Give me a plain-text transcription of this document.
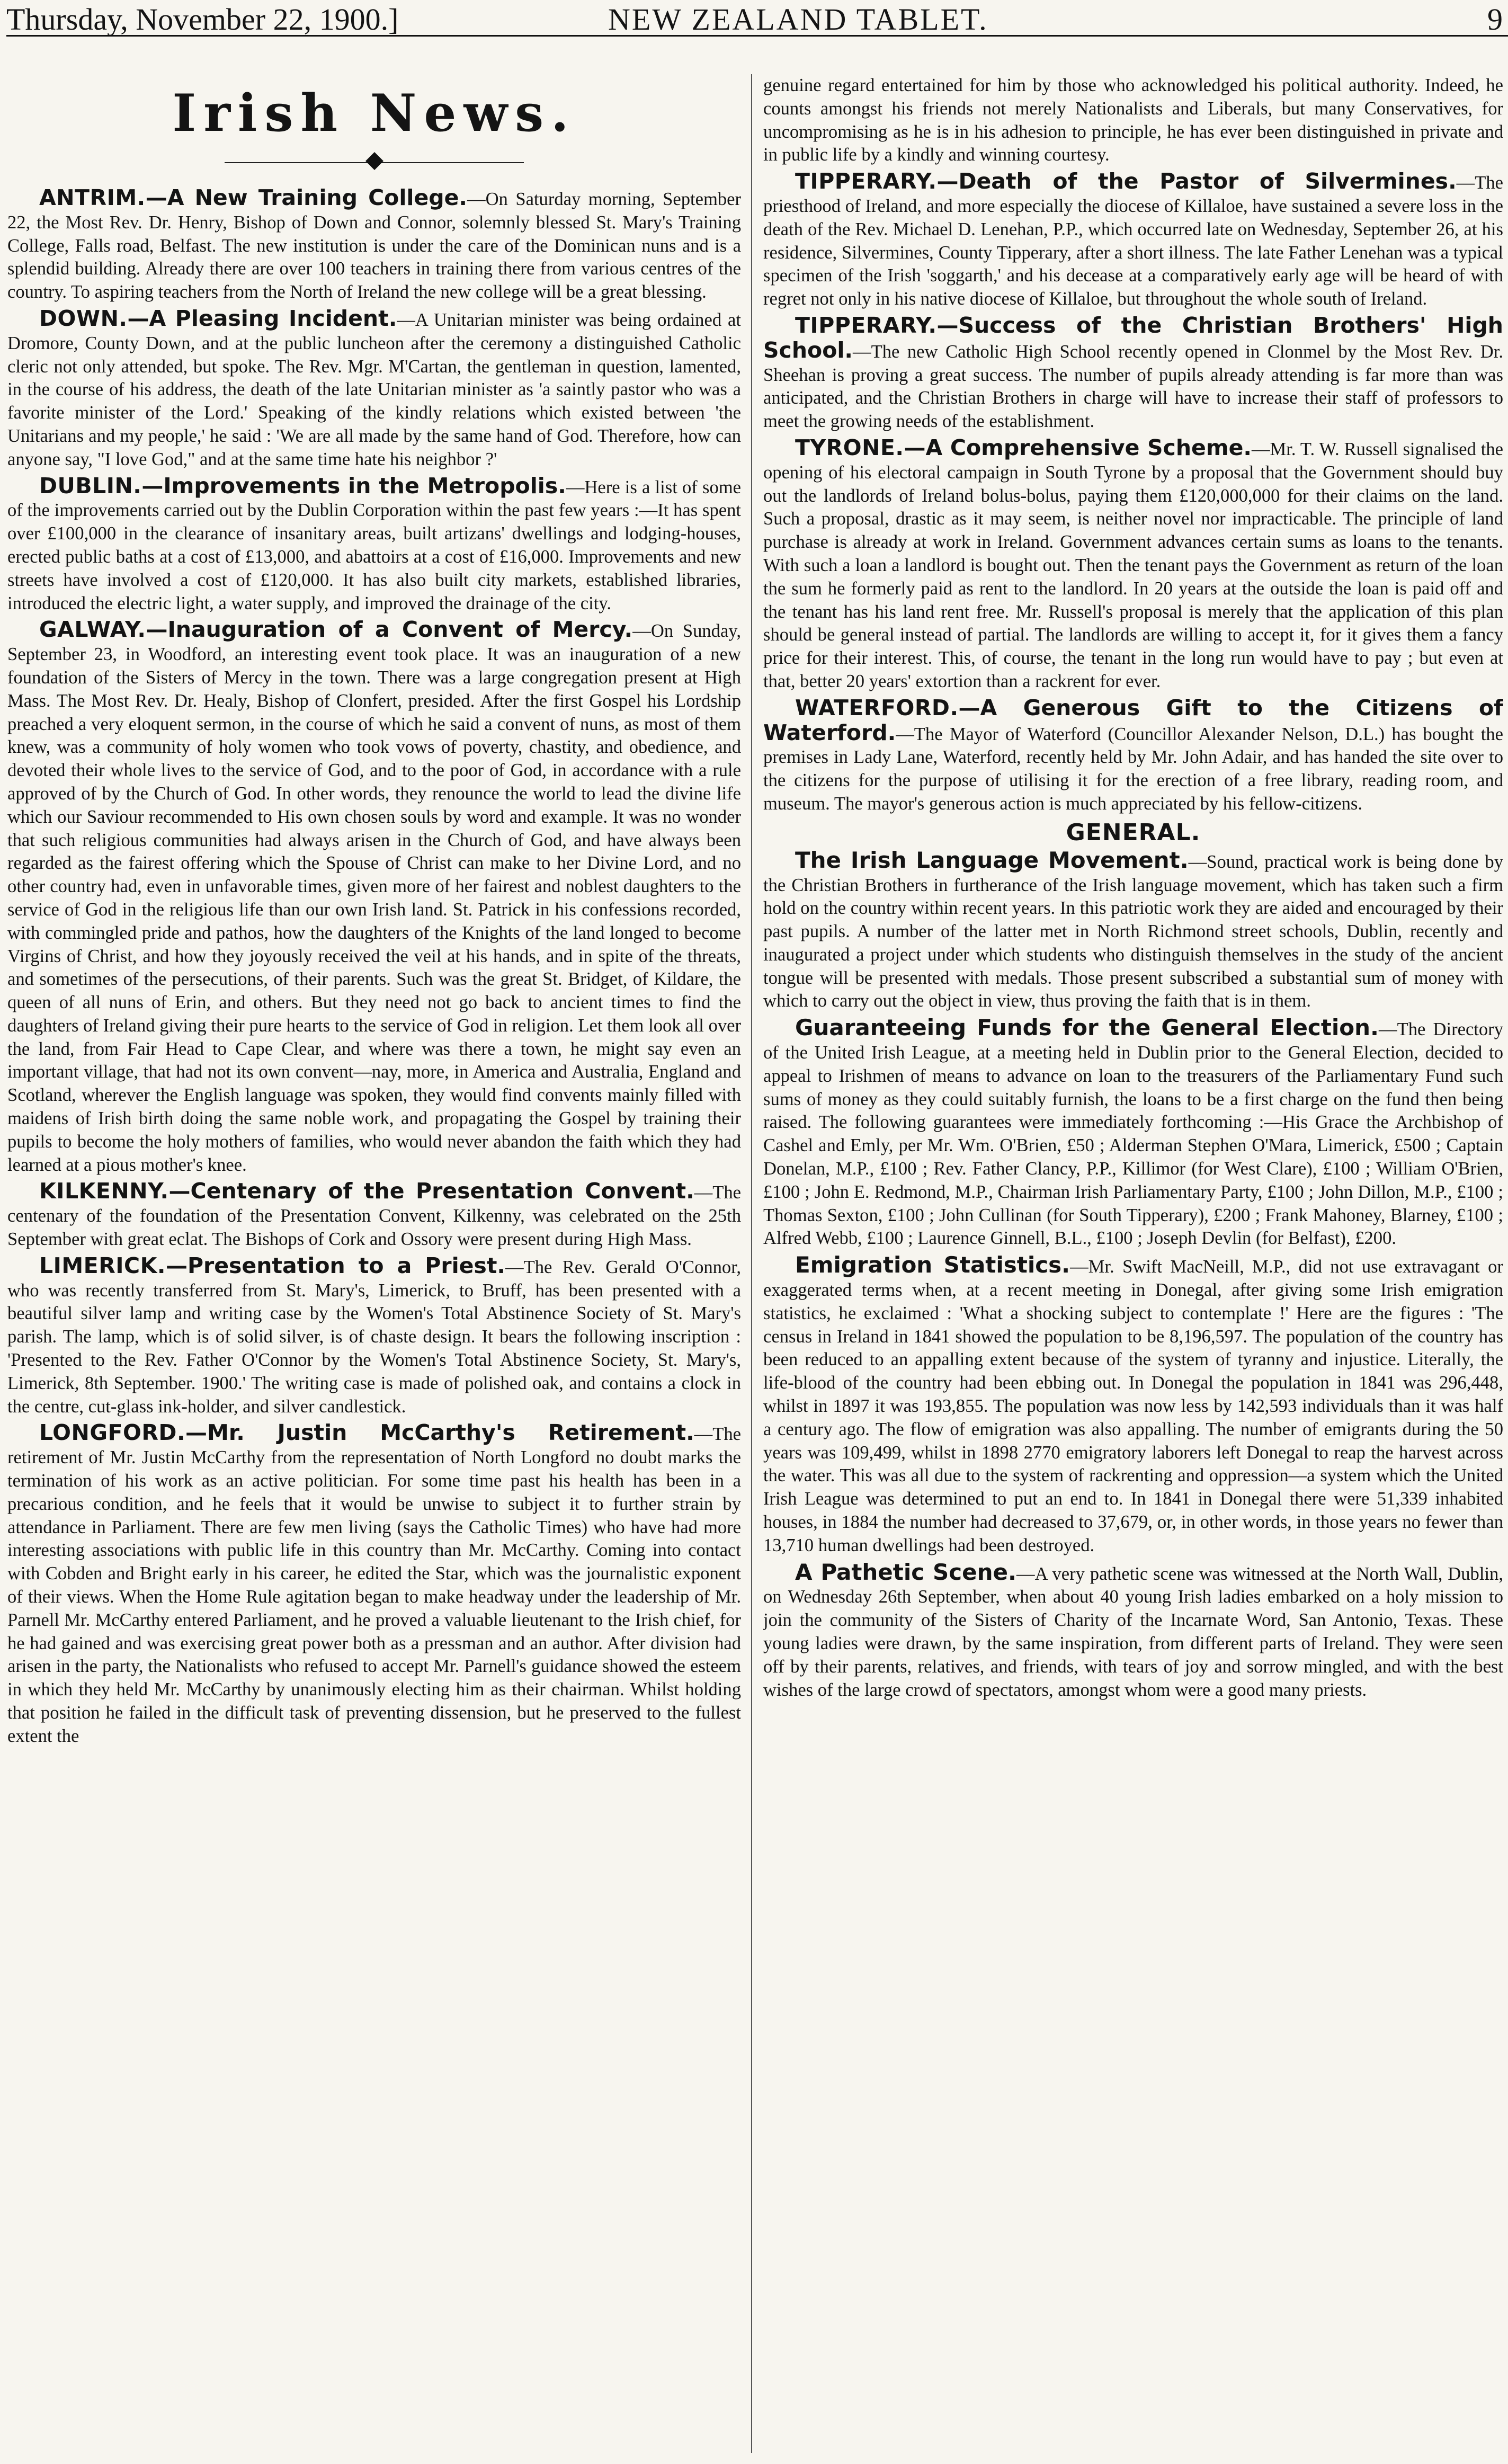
Thursday, November 22, 1900.]	NEW ZEALAND TABLET.	9
Irish News.

ANTRIM.—A New Training College.—On Saturday morning, September 22, the Most Rev. Dr. Henry, Bishop of Down and Connor, solemnly blessed St. Mary's Training College, Falls road, Belfast. The new institution is under the care of the Dominican nuns and is a splendid building. Already there are over 100 teachers in training there from various centres of the country. To aspiring teachers from the North of Ireland the new college will be a great blessing.

DOWN.—A Pleasing Incident.—A Unitarian minister was being ordained at Dromore, County Down, and at the public luncheon after the ceremony a distinguished Catholic cleric not only attended, but spoke. The Rev. Mgr. M'Cartan, the gentleman in question, lamented, in the course of his address, the death of the late Unitarian minister as 'a saintly pastor who was a favorite minister of the Lord.' Speaking of the kindly relations which existed between 'the Unitarians and my people,' he said : 'We are all made by the same hand of God. Therefore, how can anyone say, "I love God," and at the same time hate his neighbor ?'

DUBLIN.—Improvements in the Metropolis.—Here is a list of some of the improvements carried out by the Dublin Corporation within the past few years :—It has spent over £100,000 in the clearance of insanitary areas, built artizans' dwellings and lodging-houses, erected public baths at a cost of £13,000, and abattoirs at a cost of £16,000. Improvements and new streets have involved a cost of £120,000. It has also built city markets, established libraries, introduced the electric light, a water supply, and improved the drainage of the city.

GALWAY.—Inauguration of a Convent of Mercy.—On Sunday, September 23, in Woodford, an interesting event took place. It was an inauguration of a new foundation of the Sisters of Mercy in the town. There was a large congregation present at High Mass. The Most Rev. Dr. Healy, Bishop of Clonfert, presided. After the first Gospel his Lordship preached a very eloquent sermon, in the course of which he said a convent of nuns, as most of them knew, was a community of holy women who took vows of poverty, chastity, and obedience, and devoted their whole lives to the service of God, and to the poor of God, in accordance with a rule approved of by the Church of God. In other words, they renounce the world to lead the divine life which our Saviour recommended to His own chosen souls by word and example. It was no wonder that such religious communities had always arisen in the Church of God, and have always been regarded as the fairest offering which the Spouse of Christ can make to her Divine Lord, and no other country had, even in unfavorable times, given more of her fairest and noblest daughters to the service of God in the religious life than our own Irish land. St. Patrick in his confessions recorded, with commingled pride and pathos, how the daughters of the Knights of the land longed to become Virgins of Christ, and how they joyously received the veil at his hands, and in spite of the threats, and sometimes of the persecutions, of their parents. Such was the great St. Bridget, of Kildare, the queen of all nuns of Erin, and others. But they need not go back to ancient times to find the daughters of Ireland giving their pure hearts to the service of God in religion. Let them look all over the land, from Fair Head to Cape Clear, and where was there a town, he might say even an important village, that had not its own convent—nay, more, in America and Australia, England and Scotland, wherever the English language was spoken, they would find convents mainly filled with maidens of Irish birth doing the same noble work, and propagating the Gospel by training their pupils to become the holy mothers of families, who would never abandon the faith which they had learned at a pious mother's knee.

KILKENNY.—Centenary of the Presentation Convent.—The centenary of the foundation of the Presentation Convent, Kilkenny, was celebrated on the 25th September with great eclat. The Bishops of Cork and Ossory were present during High Mass.

LIMERICK.—Presentation to a Priest.—The Rev. Gerald O'Connor, who was recently transferred from St. Mary's, Limerick, to Bruff, has been presented with a beautiful silver lamp and writing case by the Women's Total Abstinence Society of St. Mary's parish. The lamp, which is of solid silver, is of chaste design. It bears the following inscription : 'Presented to the Rev. Father O'Connor by the Women's Total Abstinence Society, St. Mary's, Limerick, 8th September. 1900.' The writing case is made of polished oak, and contains a clock in the centre, cut-glass ink-holder, and silver candlestick.

LONGFORD.—Mr. Justin McCarthy's Retirement.—The retirement of Mr. Justin McCarthy from the representation of North Longford no doubt marks the termination of his work as an active politician. For some time past his health has been in a precarious condition, and he feels that it would be unwise to subject it to further strain by attendance in Parliament. There are few men living (says the Catholic Times) who have had more interesting associations with public life in this country than Mr. McCarthy. Coming into contact with Cobden and Bright early in his career, he edited the Star, which was the journalistic exponent of their views. When the Home Rule agitation began to make headway under the leadership of Mr. Parnell Mr. McCarthy entered Parliament, and he proved a valuable lieutenant to the Irish chief, for he had gained and was exercising great power both as a pressman and an author. After division had arisen in the party, the Nationalists who refused to accept Mr. Parnell's guidance showed the esteem in which they held Mr. McCarthy by unanimously electing him as their chairman. Whilst holding that position he failed in the difficult task of preventing dissension, but he preserved to the fullest extent the

genuine regard entertained for him by those who acknowledged his political authority. Indeed, he counts amongst his friends not merely Nationalists and Liberals, but many Conservatives, for uncompromising as he is in his adhesion to principle, he has ever been distinguished in private and in public life by a kindly and winning courtesy.

TIPPERARY.—Death of the Pastor of Silvermines.—The priesthood of Ireland, and more especially the diocese of Killaloe, have sustained a severe loss in the death of the Rev. Michael D. Lenehan, P.P., which occurred late on Wednesday, September 26, at his residence, Silvermines, County Tipperary, after a short illness. The late Father Lenehan was a typical specimen of the Irish 'soggarth,' and his decease at a comparatively early age will be heard of with regret not only in his native diocese of Killaloe, but throughout the whole south of Ireland.

TIPPERARY.—Success of the Christian Brothers' High School.—The new Catholic High School recently opened in Clonmel by the Most Rev. Dr. Sheehan is proving a great success. The number of pupils already attending is far more than was anticipated, and the Christian Brothers in charge will have to increase their staff of professors to meet the growing needs of the establishment.

TYRONE.—A Comprehensive Scheme.—Mr. T. W. Russell signalised the opening of his electoral campaign in South Tyrone by a proposal that the Government should buy out the landlords of Ireland bolus-bolus, paying them £120,000,000 for their claims on the land. Such a proposal, drastic as it may seem, is neither novel nor impracticable. The principle of land purchase is already at work in Ireland. Government advances certain sums as loans to the tenants. With such a loan a landlord is bought out. Then the tenant pays the Government as return of the loan the sum he formerly paid as rent to the landlord. In 20 years at the outside the loan is paid off and the tenant has his land rent free. Mr. Russell's proposal is merely that the application of this plan should be general instead of partial. The landlords are willing to accept it, for it gives them a fancy price for their interest. This, of course, the tenant in the long run would have to pay ; but even at that, better 20 years' extortion than a rackrent for ever.

WATERFORD.—A Generous Gift to the Citizens of Waterford.—The Mayor of Waterford (Councillor Alexander Nelson, D.L.) has bought the premises in Lady Lane, Waterford, recently held by Mr. John Adair, and has handed the site over to the citizens for the purpose of utilising it for the erection of a free library, reading room, and museum. The mayor's generous action is much appreciated by his fellow-citizens.

GENERAL.

The Irish Language Movement.—Sound, practical work is being done by the Christian Brothers in furtherance of the Irish language movement, which has taken such a firm hold on the country within recent years. In this patriotic work they are aided and encouraged by their past pupils. A number of the latter met in North Richmond street schools, Dublin, recently and inaugurated a project under which students who distinguish themselves in the study of the ancient tongue will be presented with medals. Those present subscribed a substantial sum of money with which to carry out the object in view, thus proving the faith that is in them.

Guaranteeing Funds for the General Election.—The Directory of the United Irish League, at a meeting held in Dublin prior to the General Election, decided to appeal to Irishmen of means to advance on loan to the treasurers of the Parliamentary Fund such sums of money as they could suitably furnish, the loans to be a first charge on the fund then being raised. The following guarantees were immediately forthcoming :—His Grace the Archbishop of Cashel and Emly, per Mr. Wm. O'Brien, £50 ; Alderman Stephen O'Mara, Limerick, £500 ; Captain Donelan, M.P., £100 ; Rev. Father Clancy, P.P., Killimor (for West Clare), £100 ; William O'Brien, £100 ; John E. Redmond, M.P., Chairman Irish Parliamentary Party, £100 ; John Dillon, M.P., £100 ; Thomas Sexton, £100 ; John Cullinan (for South Tipperary), £200 ; Frank Mahoney, Blarney, £100 ; Alfred Webb, £100 ; Laurence Ginnell, B.L., £100 ; Joseph Devlin (for Belfast), £200.

Emigration Statistics.—Mr. Swift MacNeill, M.P., did not use extravagant or exaggerated terms when, at a recent meeting in Donegal, after giving some Irish emigration statistics, he exclaimed : 'What a shocking subject to contemplate !' Here are the figures : 'The census in Ireland in 1841 showed the population to be 8,196,597. The population of the country has been reduced to an appalling extent because of the system of tyranny and injustice. Literally, the life-blood of the country had been ebbing out. In Donegal the population in 1841 was 296,448, whilst in 1897 it was 193,855. The population was now less by 142,593 individuals than it was half a century ago. The flow of emigration was also appalling. The number of emigrants during the 50 years was 109,499, whilst in 1898 2770 emigratory laborers left Donegal to reap the harvest across the water. This was all due to the system of rackrenting and oppression—a system which the United Irish League was determined to put an end to. In 1841 in Donegal there were 51,339 inhabited houses, in 1884 the number had decreased to 37,679, or, in other words, in those years no fewer than 13,710 human dwellings had been destroyed.

A Pathetic Scene.—A very pathetic scene was witnessed at the North Wall, Dublin, on Wednesday 26th September, when about 40 young Irish ladies embarked on a holy mission to join the community of the Sisters of Charity of the Incarnate Word, San Antonio, Texas. These young ladies were drawn, by the same inspiration, from different parts of Ireland. They were seen off by their parents, relatives, and friends, with tears of joy and sorrow mingled, and with the best wishes of the large crowd of spectators, amongst whom were a good many priests.
